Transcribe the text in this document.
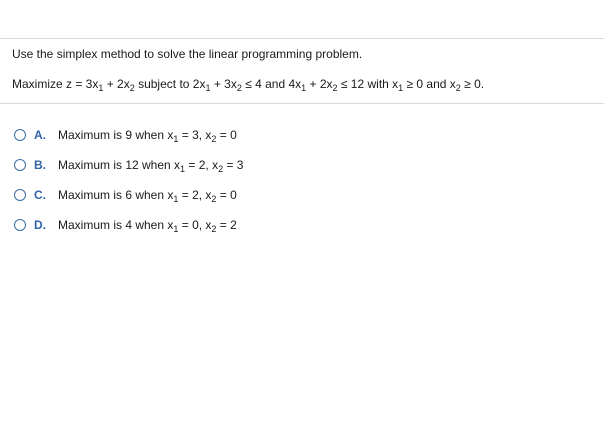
Use the simplex method to solve the linear programming problem.
Maximize $z = 3x_1 + 2x_2$ subject to $2x_1 + 3x_2 \le 4$ and $4x_1 + 2x_2 \le 12$ with $x_1 \ge 0$ and $x_2 \ge 0$.
A.	Maximum is 9 when $x_1 = 3$, $x_2 = 0$
B.	Maximum is 12 when $x_1 = 2$, $x_2 = 3$
C.	Maximum is 6 when $x_1 = 2$, $x_2 = 0$
D.	Maximum is 4 when $x_1 = 0$, $x_2 = 2$
